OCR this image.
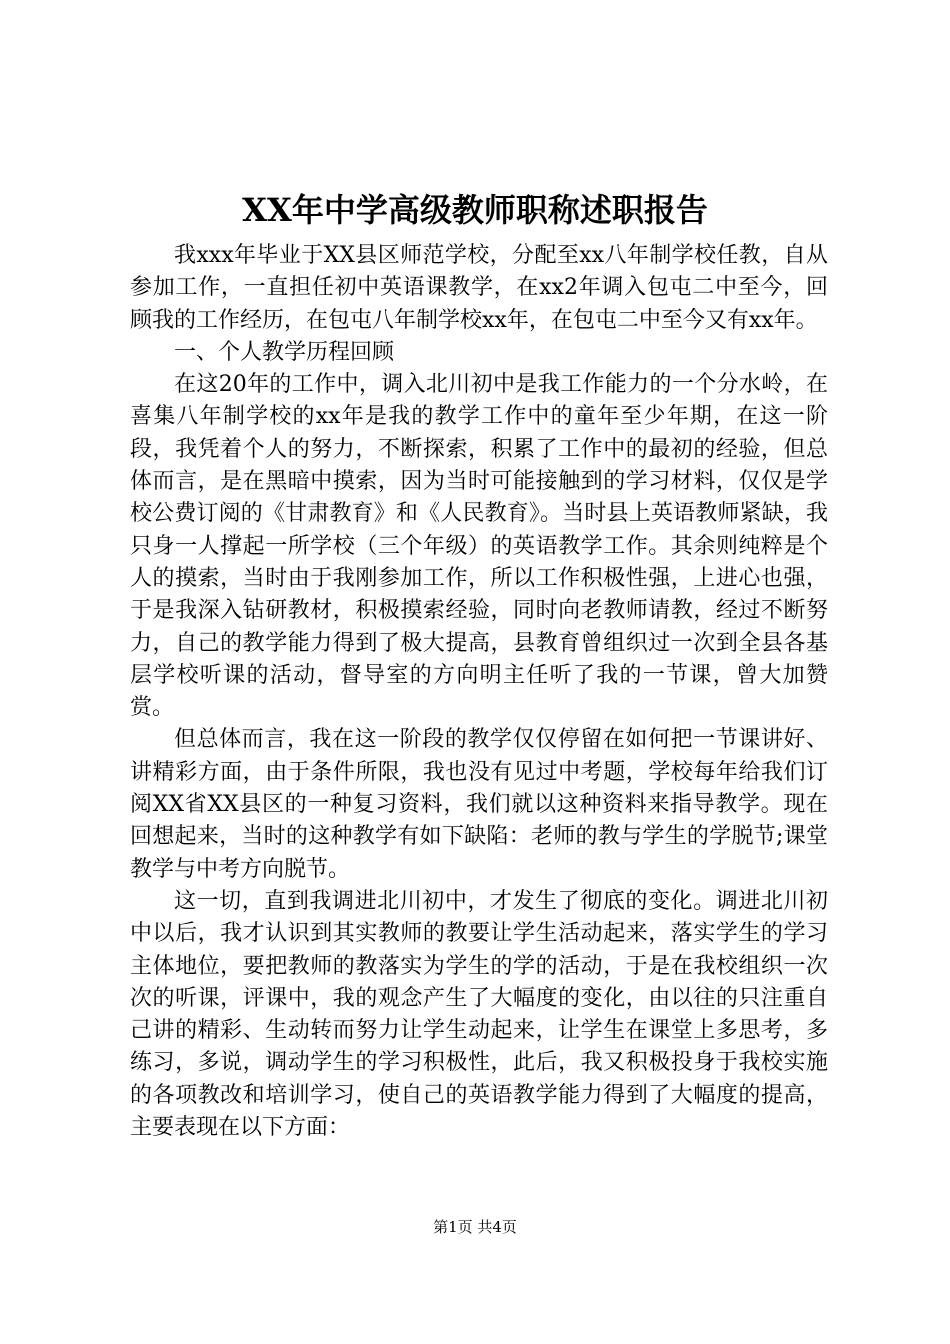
XX年中学高级教师职称述职报告

我xxx年毕业于XX县区师范学校，分配至xx八年制学校任教，自从参加工作，一直担任初中英语课教学，在xx2年调入包屯二中至今，回顾我的工作经历，在包屯八年制学校xx年，在包屯二中至今又有xx年。

一、个人教学历程回顾

在这20年的工作中，调入北川初中是我工作能力的一个分水岭，在喜集八年制学校的xx年是我的教学工作中的童年至少年期，在这一阶段，我凭着个人的努力，不断探索，积累了工作中的最初的经验，但总体而言，是在黑暗中摸索，因为当时可能接触到的学习材料，仅仅是学校公费订阅的《甘肃教育》和《人民教育》。当时县上英语教师紧缺，我只身一人撑起一所学校（三个年级）的英语教学工作。其余则纯粹是个人的摸索，当时由于我刚参加工作，所以工作积极性强，上进心也强，于是我深入钻研教材，积极摸索经验，同时向老教师请教，经过不断努力，自己的教学能力得到了极大提高，县教育曾组织过一次到全县各基层学校听课的活动，督导室的方向明主任听了我的一节课，曾大加赞赏。

但总体而言，我在这一阶段的教学仅仅停留在如何把一节课讲好、讲精彩方面，由于条件所限，我也没有见过中考题，学校每年给我们订阅XX省XX县区的一种复习资料，我们就以这种资料来指导教学。现在回想起来，当时的这种教学有如下缺陷：老师的教与学生的学脱节;课堂教学与中考方向脱节。

这一切，直到我调进北川初中，才发生了彻底的变化。调进北川初中以后，我才认识到其实教师的教要让学生活动起来，落实学生的学习主体地位，要把教师的教落实为学生的学的活动，于是在我校组织一次次的听课，评课中，我的观念产生了大幅度的变化，由以往的只注重自己讲的精彩、生动转而努力让学生动起来，让学生在课堂上多思考，多练习，多说，调动学生的学习积极性，此后，我又积极投身于我校实施的各项教改和培训学习，使自己的英语教学能力得到了大幅度的提高，主要表现在以下方面：

第1页 共4页
